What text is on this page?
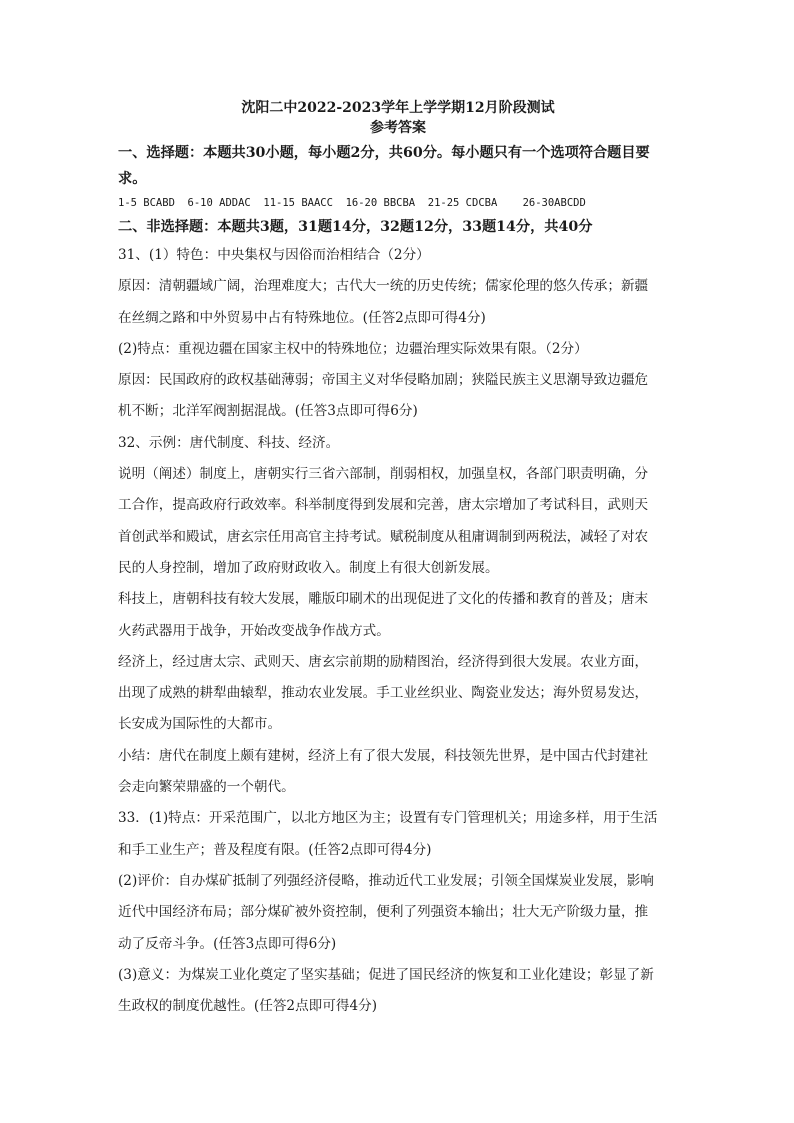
沈阳二中2022-2023学年上学学期12月阶段测试
参考答案
一、选择题：本题共30小题，每小题2分，共60分。每小题只有一个选项符合题目要
求。
1-5 BCABD  6-10 ADDAC  11-15 BAACC  16-20 BBCBA  21-25 CDCBA    26-30ABCDD
二、非选择题：本题共3题，31题14分，32题12分，33题14分，共40分

31、(1）特色：中央集权与因俗而治相结合（2分）

原因：清朝疆域广阔，治理难度大；古代大一统的历史传统；儒家伦理的悠久传承；新疆

在丝绸之路和中外贸易中占有特殊地位。(任答2点即可得4分)

(2)特点：重视边疆在国家主权中的特殊地位；边疆治理实际效果有限。（2分）

原因：民国政府的政权基础薄弱；帝国主义对华侵略加剧；狭隘民族主义思潮导致边疆危

机不断；北洋军阀割据混战。(任答3点即可得6分)

32、示例：唐代制度、科技、经济。

说明（阐述）制度上，唐朝实行三省六部制，削弱相权，加强皇权，各部门职责明确，分

工合作，提高政府行政效率。科举制度得到发展和完善，唐太宗增加了考试科目，武则天

首创武举和殿试，唐玄宗任用高官主持考试。赋税制度从租庸调制到两税法，减轻了对农

民的人身控制，增加了政府财政收入。制度上有很大创新发展。

科技上，唐朝科技有较大发展，雕版印刷术的出现促进了文化的传播和教育的普及；唐末

火药武器用于战争，开始改变战争作战方式。

经济上，经过唐太宗、武则天、唐玄宗前期的励精图治，经济得到很大发展。农业方面，

出现了成熟的耕犁曲辕犁，推动农业发展。手工业丝织业、陶瓷业发达；海外贸易发达，

长安成为国际性的大都市。

小结：唐代在制度上颇有建树，经济上有了很大发展，科技领先世界，是中国古代封建社

会走向繁荣鼎盛的一个朝代。

33．(1)特点：开采范围广，以北方地区为主；设置有专门管理机关；用途多样，用于生活

和手工业生产；普及程度有限。(任答2点即可得4分)

(2)评价：自办煤矿抵制了列强经济侵略，推动近代工业发展；引领全国煤炭业发展，影响

近代中国经济布局；部分煤矿被外资控制，便利了列强资本输出；壮大无产阶级力量，推

动了反帝斗争。(任答3点即可得6分)

(3)意义：为煤炭工业化奠定了坚实基础；促进了国民经济的恢复和工业化建设；彰显了新

生政权的制度优越性。(任答2点即可得4分)
